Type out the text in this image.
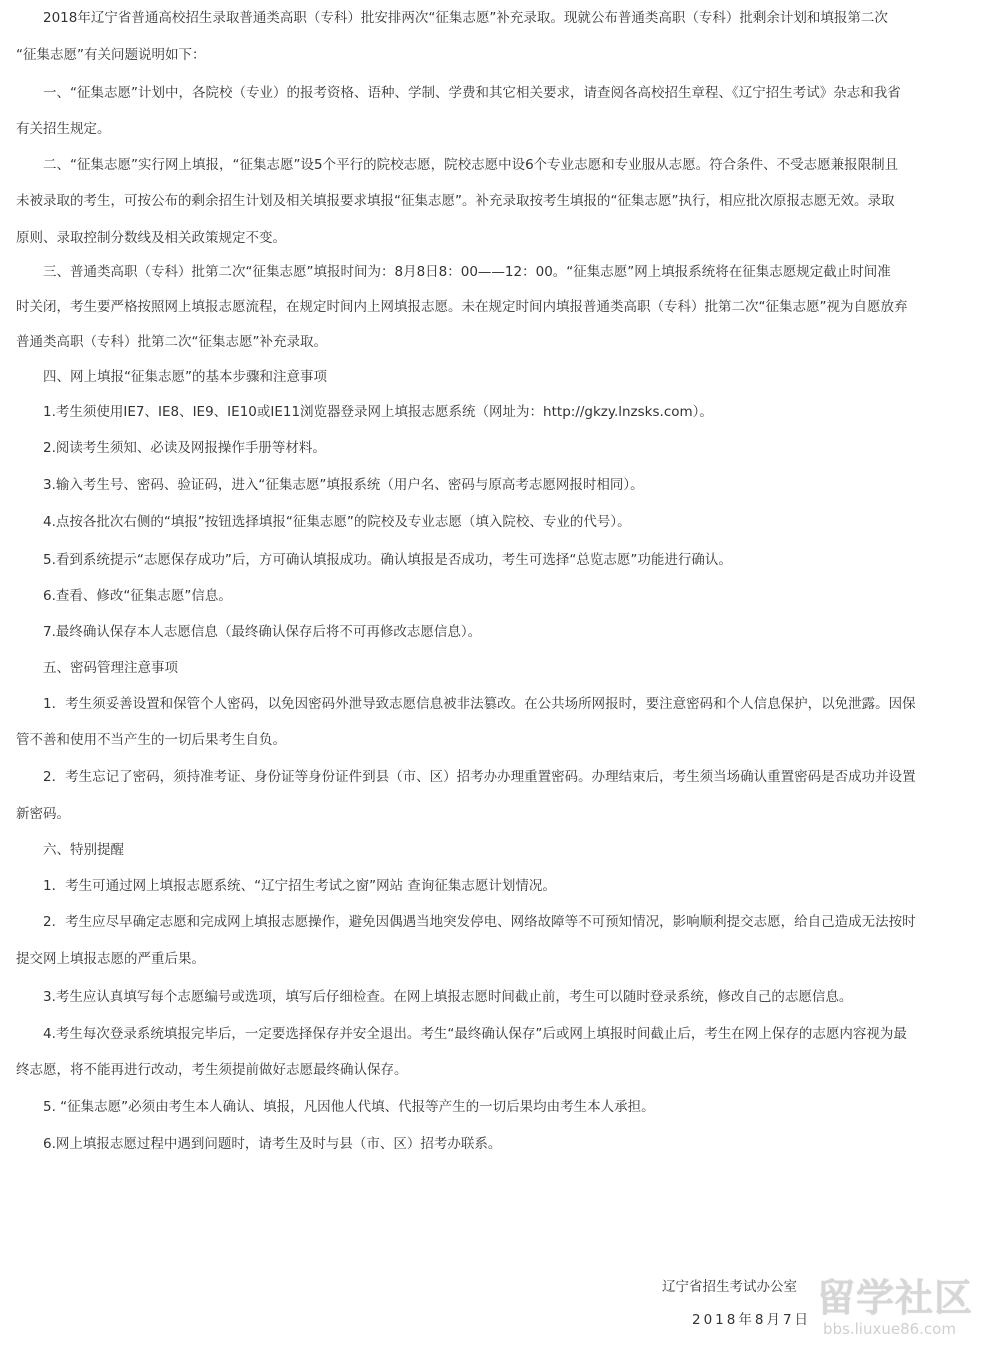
　　2018年辽宁省普通高校招生录取普通类高职（专科）批安排两次“征集志愿”补充录取。现就公布普通类高职（专科）批剩余计划和填报第二次
“征集志愿”有关问题说明如下：
　　一、“征集志愿”计划中，各院校（专业）的报考资格、语种、学制、学费和其它相关要求，请查阅各高校招生章程、《辽宁招生考试》杂志和我省
有关招生规定。
　　二、“征集志愿”实行网上填报，“征集志愿”设5个平行的院校志愿，院校志愿中设6个专业志愿和专业服从志愿。符合条件、不受志愿兼报限制且
未被录取的考生，可按公布的剩余招生计划及相关填报要求填报“征集志愿”。补充录取按考生填报的“征集志愿”执行，相应批次原报志愿无效。录取
原则、录取控制分数线及相关政策规定不变。
　　三、普通类高职（专科）批第二次“征集志愿”填报时间为：8月8日8：00——12：00。“征集志愿”网上填报系统将在征集志愿规定截止时间准
时关闭，考生要严格按照网上填报志愿流程，在规定时间内上网填报志愿。未在规定时间内填报普通类高职（专科）批第二次“征集志愿”视为自愿放弃
普通类高职（专科）批第二次“征集志愿”补充录取。
　　四、网上填报“征集志愿”的基本步骤和注意事项
　　1.考生须使用IE7、IE8、IE9、IE10或IE11浏览器登录网上填报志愿系统（网址为：http://gkzy.lnzsks.com）。
　　2.阅读考生须知、必读及网报操作手册等材料。
　　3.输入考生号、密码、验证码，进入“征集志愿”填报系统（用户名、密码与原高考志愿网报时相同）。
　　4.点按各批次右侧的“填报”按钮选择填报“征集志愿”的院校及专业志愿（填入院校、专业的代号）。
　　5.看到系统提示“志愿保存成功”后，方可确认填报成功。确认填报是否成功，考生可选择“总览志愿”功能进行确认。
　　6.查看、修改“征集志愿”信息。
　　7.最终确认保存本人志愿信息（最终确认保存后将不可再修改志愿信息）。
　　五、密码管理注意事项
　　1．考生须妥善设置和保管个人密码，以免因密码外泄导致志愿信息被非法篡改。在公共场所网报时，要注意密码和个人信息保护，以免泄露。因保
管不善和使用不当产生的一切后果考生自负。
　　2．考生忘记了密码，须持准考证、身份证等身份证件到县（市、区）招考办办理重置密码。办理结束后，考生须当场确认重置密码是否成功并设置
新密码。
　　六、特别提醒
　　1．考生可通过网上填报志愿系统、“辽宁招生考试之窗”网站 查询征集志愿计划情况。
　　2．考生应尽早确定志愿和完成网上填报志愿操作，避免因偶遇当地突发停电、网络故障等不可预知情况，影响顺利提交志愿，给自己造成无法按时
提交网上填报志愿的严重后果。
　　3.考生应认真填写每个志愿编号或选项，填写后仔细检查。在网上填报志愿时间截止前，考生可以随时登录系统，修改自己的志愿信息。
　　4.考生每次登录系统填报完毕后，一定要选择保存并安全退出。考生“最终确认保存”后或网上填报时间截止后，考生在网上保存的志愿内容视为最
终志愿，将不能再进行改动，考生须提前做好志愿最终确认保存。
　　5. “征集志愿”必须由考生本人确认、填报，凡因他人代填、代报等产生的一切后果均由考生本人承担。
　　6.网上填报志愿过程中遇到问题时，请考生及时与县（市、区）招考办联系。
辽宁省招生考试办公室
2018年8月7日 留学社区
bbs.liuxue86.com
